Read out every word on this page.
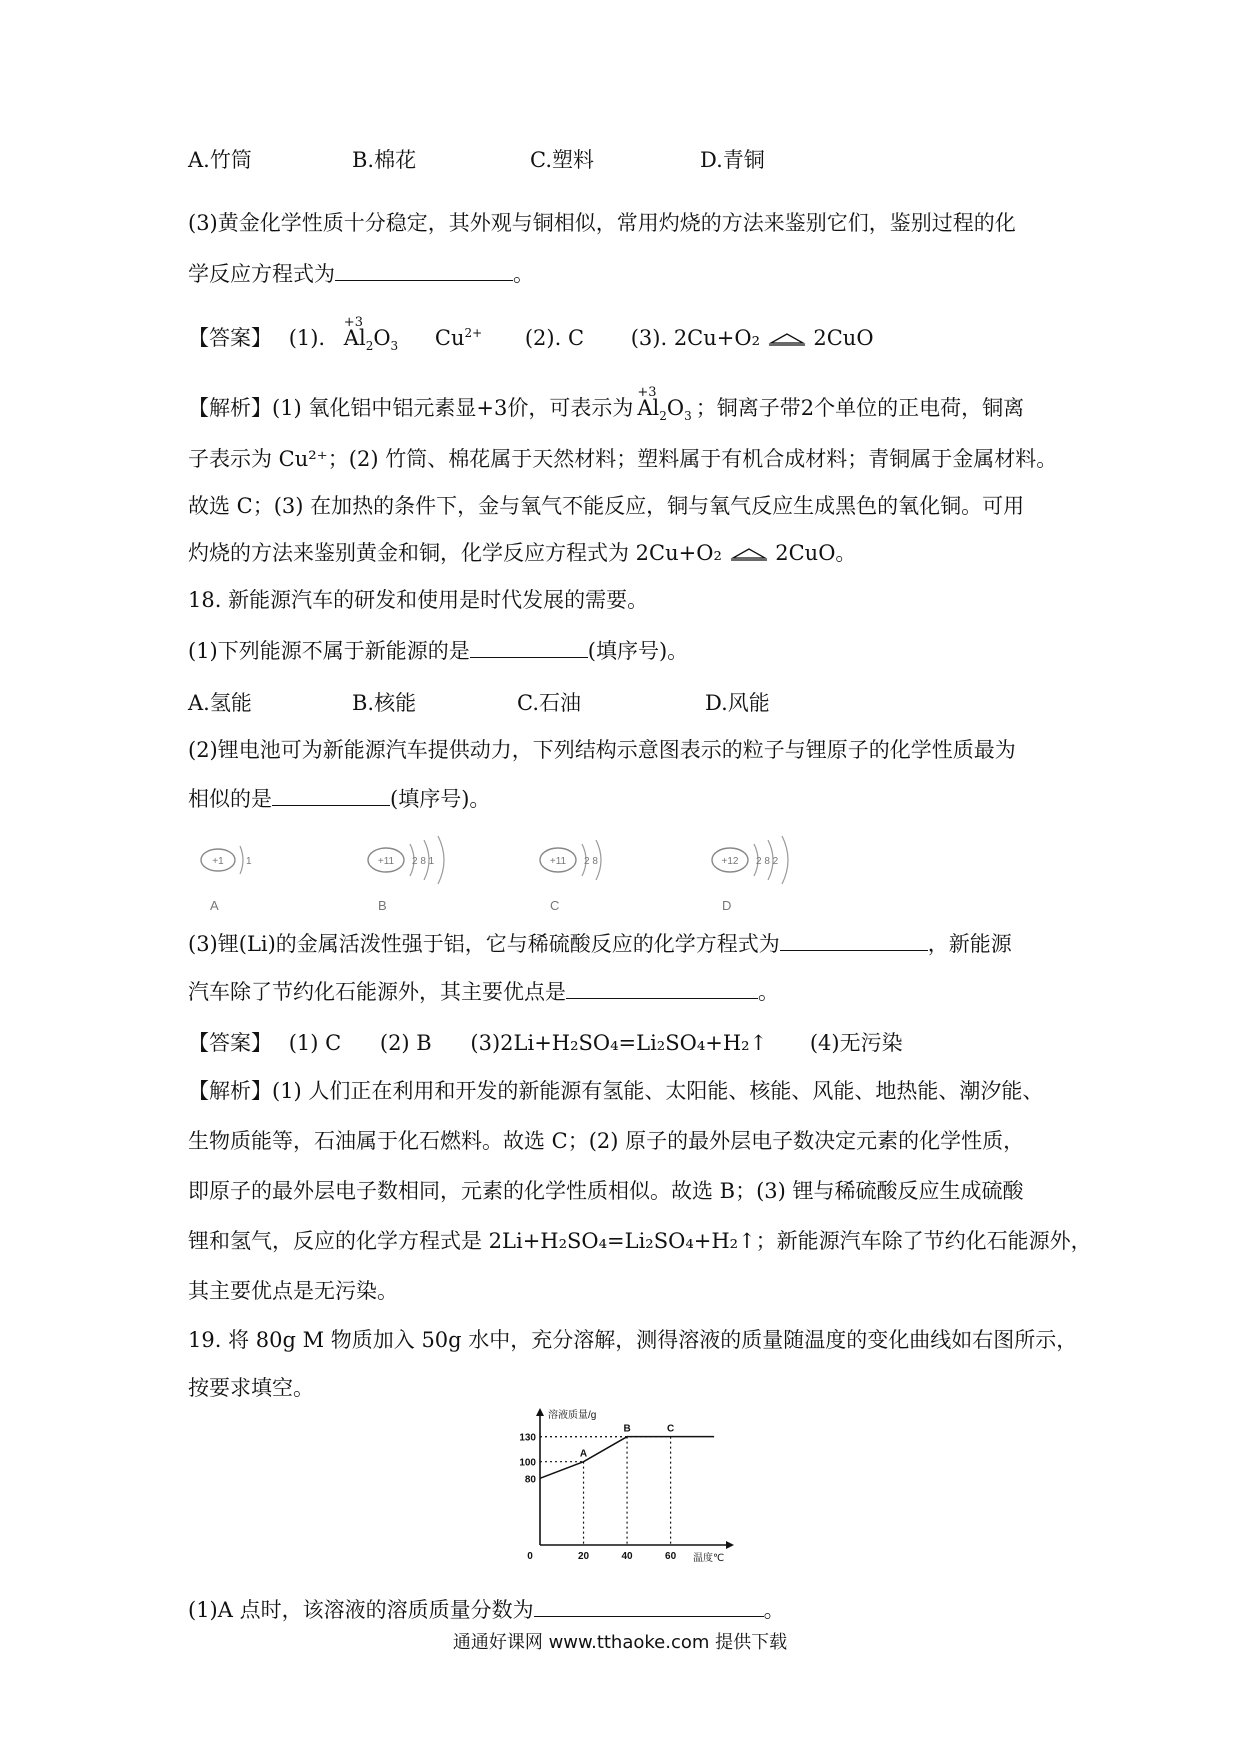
A.竹筒	B.棉花	C.塑料	D.青铜
(3)黄金化学性质十分稳定，其外观与铜相似，常用灼烧的方法来鉴别它们，鉴别过程的化
学反应方程式为	。
【答案】 (1).
+3
$Al_2O_3$ $Cu^{2+}$ (2). C (3). 2Cu+O₂	2CuO
【解析】(1) 氧化铝中铝元素显+3价，可表示为
+3
$Al_2O_3$ ；铜离子带2个单位的正电荷，铜离
子表示为 Cu²⁺；(2) 竹筒、棉花属于天然材料；塑料属于有机合成材料；青铜属于金属材料。
故选 C；(3) 在加热的条件下，金与氧气不能反应，铜与氧气反应生成黑色的氧化铜。可用
灼烧的方法来鉴别黄金和铜，化学反应方程式为 2Cu+O₂	2CuO。
18. 新能源汽车的研发和使用是时代发展的需要。
(1)下列能源不属于新能源的是	(填序号)。
A.氢能	B.核能	C.石油	D.风能
(2)锂电池可为新能源汽车提供动力，下列结构示意图表示的粒子与锂原子的化学性质最为
相似的是	(填序号)。
+1 1
A
+11 2 8 1
B
+11 2 8
C
+12 2 8 2
D
(3)锂(Li)的金属活泼性强于铝，它与稀硫酸反应的化学方程式为	，新能源
汽车除了节约化石能源外，其主要优点是	。
【答案】 (1) C (2) B (3)2Li+H₂SO₄=Li₂SO₄+H₂↑ (4)无污染
【解析】(1) 人们正在利用和开发的新能源有氢能、太阳能、核能、风能、地热能、潮汐能、
生物质能等，石油属于化石燃料。故选 C；(2) 原子的最外层电子数决定元素的化学性质，
即原子的最外层电子数相同，元素的化学性质相似。故选 B；(3) 锂与稀硫酸反应生成硫酸
锂和氢气，反应的化学方程式是 2Li+H₂SO₄=Li₂SO₄+H₂↑；新能源汽车除了节约化石能源外，
其主要优点是无污染。
19. 将 80g M 物质加入 50g 水中，充分溶解，测得溶液的质量随温度的变化曲线如右图所示，
按要求填空。
溶液质量/g
温度℃
130
100
80
0	20	40	60
A
B	C
(1)A 点时，该溶液的溶质质量分数为	。
通通好课网 www.tthaoke.com 提供下载
